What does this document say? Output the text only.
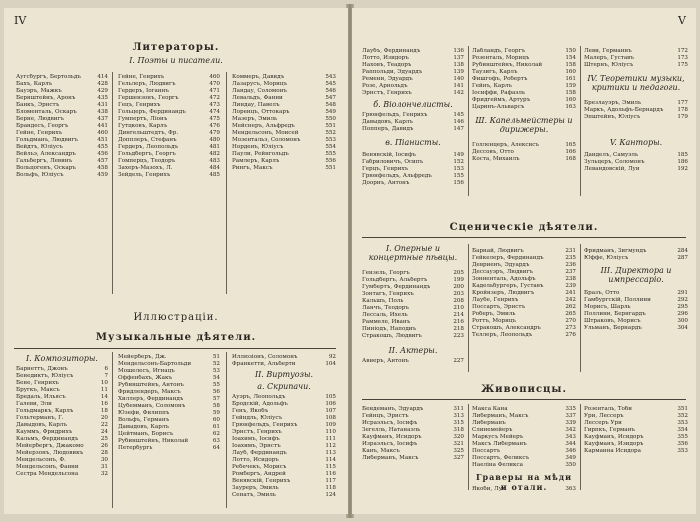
IV
Литераторы.
I. Поэты и писатели.
Аугсбургъ, Бертольдъ	414
Бахъ, Карлъ	428
Бауэръ, Мажкъ	429
Бернштейнъ, Аронъ	435
Банкъ, Эрнстъ	431
Бломенталь, Оскаръ	438
Берне, Людвигъ	437
Брандесъ, Георгъ	441
Гейне, Генрихъ	460
Гольдманъ, Людвигъ	451
Вейдтъ, Юліусъ	455
Вейльэ, Александръ	456
Гальбергъ, Левинъ	457
Вольцогенъ, Оскаръ	458
Вольфъ, Юліусъ	459
Гейне, Генрихъ	460
Гельлеръ, Людвигъ	470
Гердеръ, Іоганнъ	471
Гершензонъ, Георгъ	472
Гецъ, Генрихъ	473
Гольцеръ, Фердинандъ	474
Гумпертъ, Ліонъ	475
Гутцковъ, Карлъ	476
Дингельштедтъ, Фр.	479
Допплеръ, Стефанъ	480
Гердеръ, Леопольдъ	481
Гольдбергъ, Георгъ	482
Гомперцъ, Теодоръ	483
Захеръ-Мазохъ, Л.	484
Зейдель, Генрихъ	485
Коммеръ, Давидъ	543
Лазарусъ, Морицъ	545
Ландау, Соломонъ	546
Левальдъ, Фанни	547
Линдау, Павелъ	548
Лоренцъ, Оттокаръ	549
Мазеръ, Эмиль	550
Мейснеръ, Альфредъ	551
Мендельсонъ, Моисей	552
Мозентальэ, Соломонъ	553
Норденъ, Юліусъ	554
Паули, Рейнгольдъ	555
Рамлеръ, Карлъ	556
Рингъ, Максъ	551
Иллюстраціи.
Музыкальные дѣятели.
I. Композиторы.
Барнеттъ, Джонъ	6
Бенедиктъ, Юліусъ	7
Бене, Генрихъ	10
Бругкъ, Максъ	11
Бредаль, Ильясъ	14
Галеви, Эли	16
Гольдмаркъ, Карлъ	18
Гольтерманъ, Г.	20
Давыдовъ, Карлъ	22
Кауммъ, Фридрихъ	24
Кальмъ, Фердинандъ	25
Мейербергъ, Джакомо	26
Мейерзонъ, Людовикъ	28
Мендельсонъ, Ф.	30
Мендельсонъ, Фанни	31
Сестра Мендельсона	32
Мейерберъ, Дж.	51
Мендельсонъ-Бартольди	52
Мошелесъ, Игнацъ	53
Оффенбахъ, Жакъ	54
Рубинштейнъ, Антонъ	55
Фридлендеръ, Максъ	56
Хиллеръ, Фердинандъ	57
Цубемманъ, Соломонъ	58
Юзефи, Филиппъ	59
Вольфъ, Германъ	60
Давыдовъ, Карлъ	61
Цейтманъ, Борисъ	62
Рубинштейнъ, Николай	63
Петербургь	64
Иллюзіонъ, Соломонъ	92
Франкетти, Альберти	104
II. Виртуозы.
а. Скрипачи.
Ауэръ, Леопольдъ	105
Бродскій, Адольфъ	106
Генъ, Якобъ	107
Гейндль, Юліусъ	108
Грюнфельдъ, Генрихъ	109
Эрнстъ, Генрихъ	110
Іоахимъ, Іосифъ	111
Іоахимъ, Эрнстъ	112
Лауб, Фердинандъ	113
Лотто, Исидоръ	114
Ребечекъ, Морисъ	115
Ромбергъ, Андрей	116
Венявскій, Генрихъ	117
Зауреръ, Эмиль	118
Сенатъ, Эмиль	124
V
Лаубъ, Фердинандъ	136
Лотто, Изидоръ	137
Наховъ, Теадоръ	138
Раппольди, Эдуардъ	139
Ремени, Эдуардъ	140
Розе, Арнольдъ	141
Эрнстъ, Генрихъ	142
б. Віолончелисты.
Грюнфельдъ, Генрихъ	145
Давыдовъ, Карлъ	146
Попперъ, Давидъ	147
в. Піанисты.
Венявскій, Іосифъ	149
Габриловичъ, Осипъ	152
Герцъ, Генрихъ	153
Грюнфельдъ, Альфредъ	155
Доорнъ, Антонъ	156
Лабландъ, Георгъ	150
Розенталь, Морицъ	154
Рубинштейнъ, Николай	158
Таузигъ, Карлъ	160
Фишгофъ, Робертъ	161
Гейнъ, Карлъ	159
Іосиффи, Рафаэль	158
Фридгеймъ, Артуръ	160
Царинъ-Альварсъ	163
Ш. Капельмейстеры и дирижеры.
Голленцеръ, Алексисъ	165
Дессовъ, Отто	166
Коста, Михаилъ	168
Леви, Германнъ	172
Малеръ, Густавъ	173
Штернъ, Юліусъ	175
IV. Теоретики музыки, критики и педагоги.
Брезлауэръ, Эмиль	177
Маркъ, Адольфъ-Бернардъ	178
Эпштейнъ, Юліусъ	179
V. Канторы.
Даиделъ, Самуэль	185
Зульцеръ, Соломонъ	186
Левандовскій, Луи	192
Сценическіе дѣятели.
I. Оперные и концертные пѣвцы.
Гензель, Георгъ	205
Гольдбергъ, Альбертъ	199
Гумбертъ, Фердинандъ	200
Зонтагъ, Генрихъ	203
Кальшъ, Поль	208
Ланчъ, Теодоръ	210
Лессаль, Ихель	214
Раммеле, Иванъ	216
Пиніодъ, Наподиъ	218
Стракошъ, Людвигъ	223
II. Актеры.
Авнеръ, Антонъ	227
Барнай, Людвигъ	231
Гейкелеръ, Фердинандъ	235
Девриенъ, Эдуардъ	236
Дессауэръ, Людвигъ	237
Зонненталь, Адольфъ	238
Кадельбургеръ, Густавъ	239
Кройнзеръ, Людвигъ	241
Лаубе, Генрихъ	242
Поссартъ, Эрнстъ	262
Роберъ, Эмиль	265
Роттъ, Морицъ	270
Стракошъ, Александръ	273
Теллеръ, Леопольдъ	276
Фридманъ, Зигмундъ	284
Юффе, Юліусъ	287
III. Директора и импрессаріо.
Бразъ, Отто	291
Гамбургскій, Поллини	292
Морисъ, Шарль	295
Поллини, Бернгардъ	296
Штраковъ, Морисъ	300
Ульманъ, Бернардъ	304
Живописцы.
Бендеманъ, Эдуардъ	311
Гейнцъ, Эрнстъ	313
Исраэльсъ, Іосифъ	315
Зегелль, Натанаэль	318
Кауфманъ, Исидоръ	320
Израэльсъ, Іосифъ	321
Канъ, Максъ	325
Либерманъ, Максъ	327
Макса Кана	335
Либерманъ, Максъ	337
Либерманъ	339
Слинемейеръ	342
Маркусъ Мейеръ	343
Максъ Либерманъ	344
Поссартъ	346
Поссартъ, Феликсъ	349
Наеліна Феликса	350
Розенталь, Тоби	351
Ури, Лессеръ	352
Лессеръ Ури	353
Гирпкъ, Германъ	354
Кауфманъ, Исидоръ	355
Кауфманъ, Изидоръ	356
Карманна Исидора	353
Граверы на мѣди и отали.
Якоби, Луи	363
